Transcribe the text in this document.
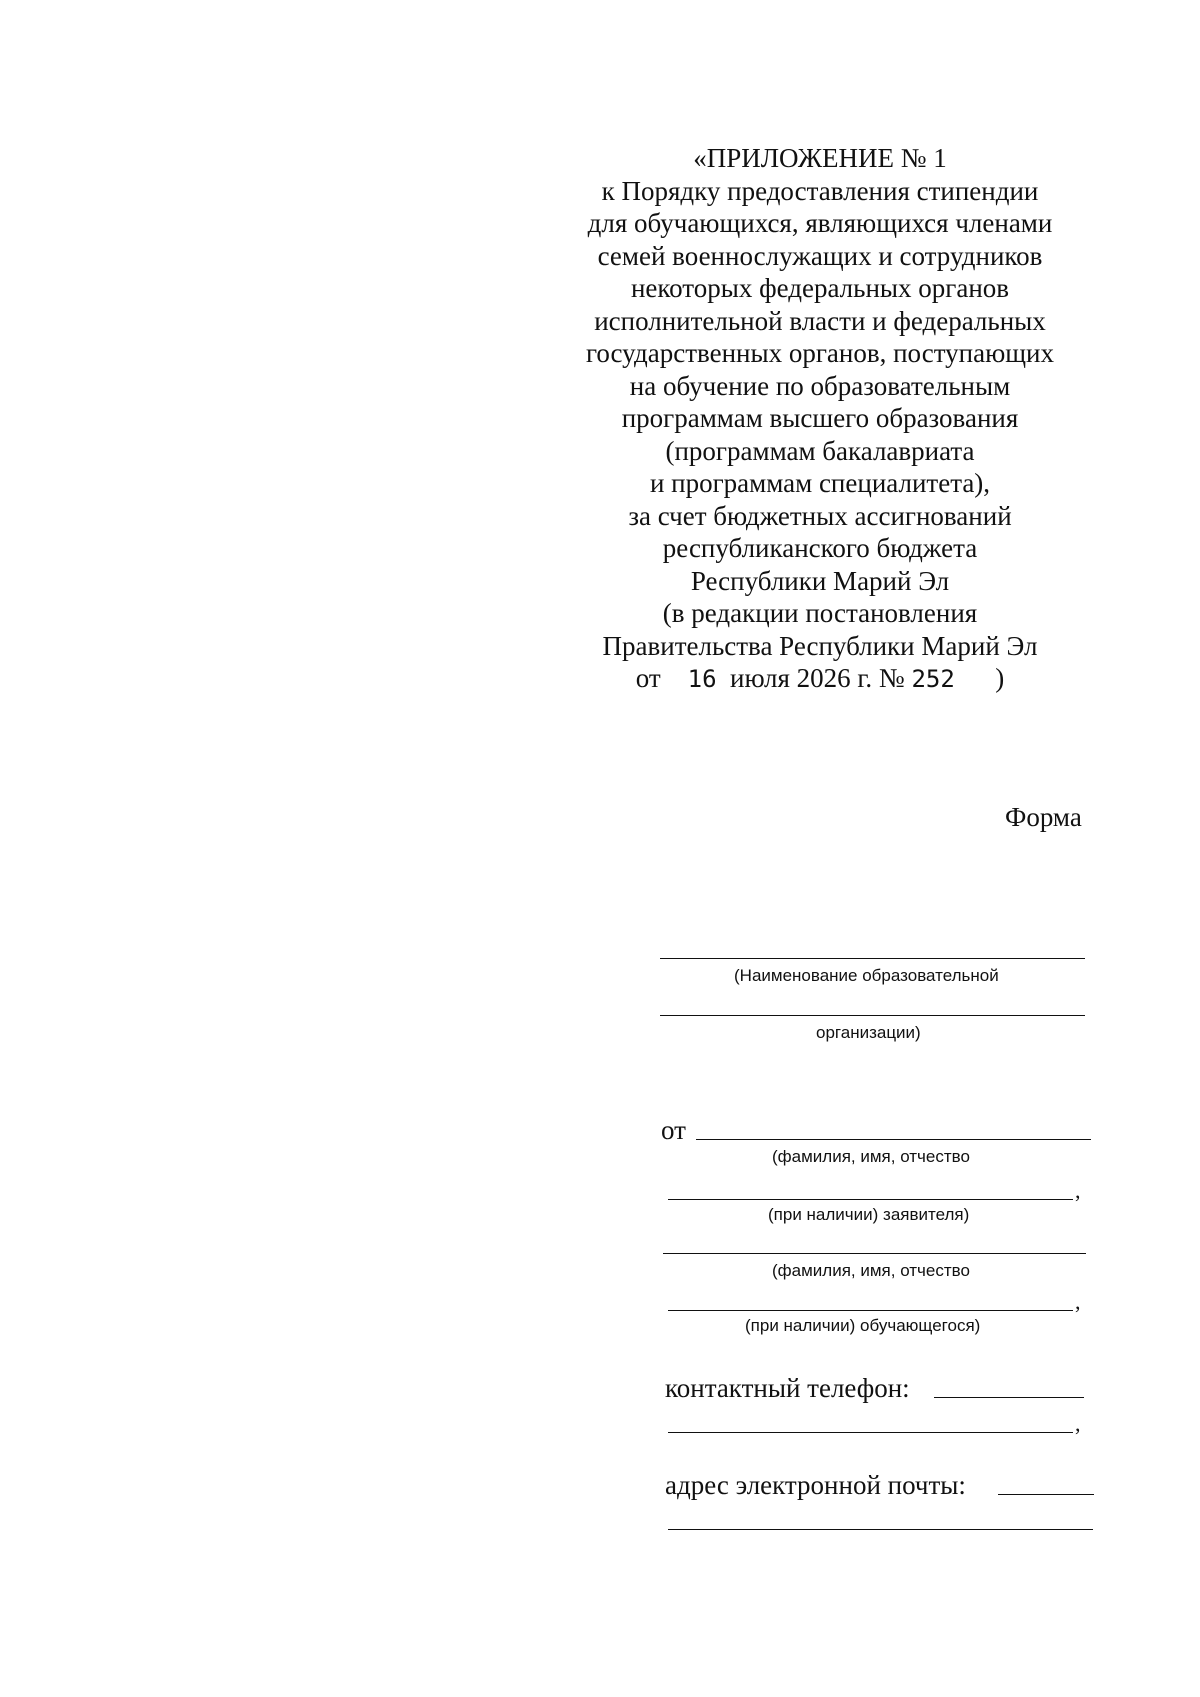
«ПРИЛОЖЕНИЕ № 1
к Порядку предоставления стипендии
для обучающихся, являющихся членами
семей военнослужащих и сотрудников
некоторых федеральных органов
исполнительной власти и федеральных
государственных органов, поступающих
на обучение по образовательным
программам высшего образования
(программам бакалавриата
и программам специалитета),
за счет бюджетных ассигнований
республиканского бюджета
Республики Марий Эл
(в редакции постановления
Правительства Республики Марий Эл
от 16 июля 2026 г. № 252 )
Форма
(Наименование образовательной
организации)
от
(фамилия, имя, отчество
,
(при наличии) заявителя)
(фамилия, имя, отчество
,
(при наличии) обучающегося)
контактный телефон:
,
адрес электронной почты:
